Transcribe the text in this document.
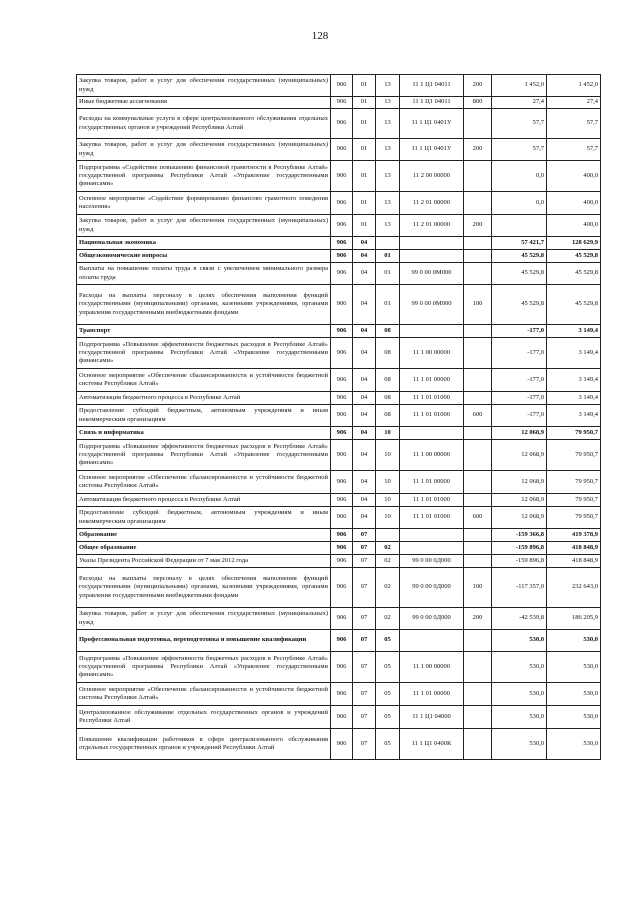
128
Закупка товаров, работ и услуг для обеспечения государственных (муниципальных) нужд	906	01	13	11 1 Ц1 04011	200	1 452,0	1 452,0
Иные бюджетные ассигнования	906	01	13	11 1 Ц1 04011	800	27,4	27,4
Расходы на коммунальные услуги в сфере централизованного обслуживания отдельных государственных органов и учреждений Республики Алтай	906	01	13	11 1 Ц1 0401У		57,7	57,7
Закупка товаров, работ и услуг для обеспечения государственных (муниципальных) нужд	906	01	13	11 1 Ц1 0401У	200	57,7	57,7
Подпрограмма «Содействие повышению финансовой грамотности в Республике Алтай» государственной программы Республики Алтай «Управление государственными финансами»	906	01	13	11 2 00 00000		0,0	400,0
Основное мероприятие «Содействие формированию финансово грамотного поведения населения»	906	01	13	11 2 01 00000		0,0	400,0
Закупка товаров, работ и услуг для обеспечения государственных (муниципальных) нужд	906	01	13	11 2 01 00000	200		400,0
Национальная экономика	906	04				57 421,7	128 629,9
Общеэкономические вопросы	906	04	01			45 529,8	45 529,8
Выплаты на повышение оплаты труда в связи с увеличением минимального размера оплаты труда	906	04	01	99 0 00 0М000		45 529,8	45 529,8
Расходы на выплаты персоналу в целях обеспечения выполнения функций государственными (муниципальными) органами, казенными учреждениями, органами управления государственными внебюджетными фондами	906	04	01	99 0 00 0М000	100	45 529,8	45 529,8
Транспорт	906	04	08			-177,0	3 149,4
Подпрограмма «Повышение эффективности бюджетных расходов в Республике Алтай» государственной программы Республики Алтай «Управление государственными финансами»	906	04	08	11 1 00 00000		-177,0	3 149,4
Основное мероприятие «Обеспечение сбалансированности и устойчивости бюджетной системы Республики Алтай»	906	04	08	11 1 01 00000		-177,0	3 149,4
Автоматизация бюджетного процесса в Республике Алтай	906	04	08	11 1 01 01000		-177,0	3 149,4
Предоставление субсидий бюджетным, автономным учреждениям и иным некоммерческим организациям	906	04	08	11 1 01 01000	600	-177,0	3 149,4
Связь и информатика	906	04	10			12 068,9	79 950,7
Подпрограмма «Повышение эффективности бюджетных расходов в Республике Алтай» государственной программы Республики Алтай «Управление государственными финансами»	906	04	10	11 1 00 00000		12 068,9	79 950,7
Основное мероприятие «Обеспечение сбалансированности и устойчивости бюджетной системы Республики Алтай»	906	04	10	11 1 01 00000		12 068,9	79 950,7
Автоматизация бюджетного процесса в Республике Алтай	906	04	10	11 1 01 01000		12 068,9	79 950,7
Предоставление субсидий бюджетным, автономным учреждениям и иным некоммерческим организациям	906	04	10	11 1 01 01000	600	12 068,9	79 950,7
Образование	906	07				-159 366,8	419 378,9
Общее образование	906	07	02			-159 896,8	418 848,9
Указы Президента Российской Федерации от 7 мая 2012 года	906	07	02	99 0 00 0Д000		-159 896,8	418 848,9
Расходы на выплаты персоналу в целях обеспечения выполнения функций государственными (муниципальными) органами, казенными учреждениями, органами управления государственными внебюджетными фондами	906	07	02	99 0 00 0Д000	100	-117 357,0	232 643,0
Закупка товаров, работ и услуг для обеспечения государственных (муниципальных) нужд	906	07	02	99 0 00 0Д000	200	-42 539,8	186 205,9
Профессиональная подготовка, переподготовка и повышение квалификации	906	07	05			530,0	530,0
Подпрограмма «Повышение эффективности бюджетных расходов в Республике Алтай» государственной программы Республики Алтай «Управление государственными финансами»	906	07	05	11 1 00 00000		530,0	530,0
Основное мероприятие «Обеспечение сбалансированности и устойчивости бюджетной системы Республики Алтай»	906	07	05	11 1 01 00000		530,0	530,0
Централизованное обслуживание отдельных государственных органов и учреждений Республики Алтай	906	07	05	11 1 Ц1 04000		530,0	530,0
Повышение квалификации работников в сфере централизованного обслуживания отдельных государственных органов и учреждений Республики Алтай	906	07	05	11 1 Ц1 0400К		530,0	530,0
